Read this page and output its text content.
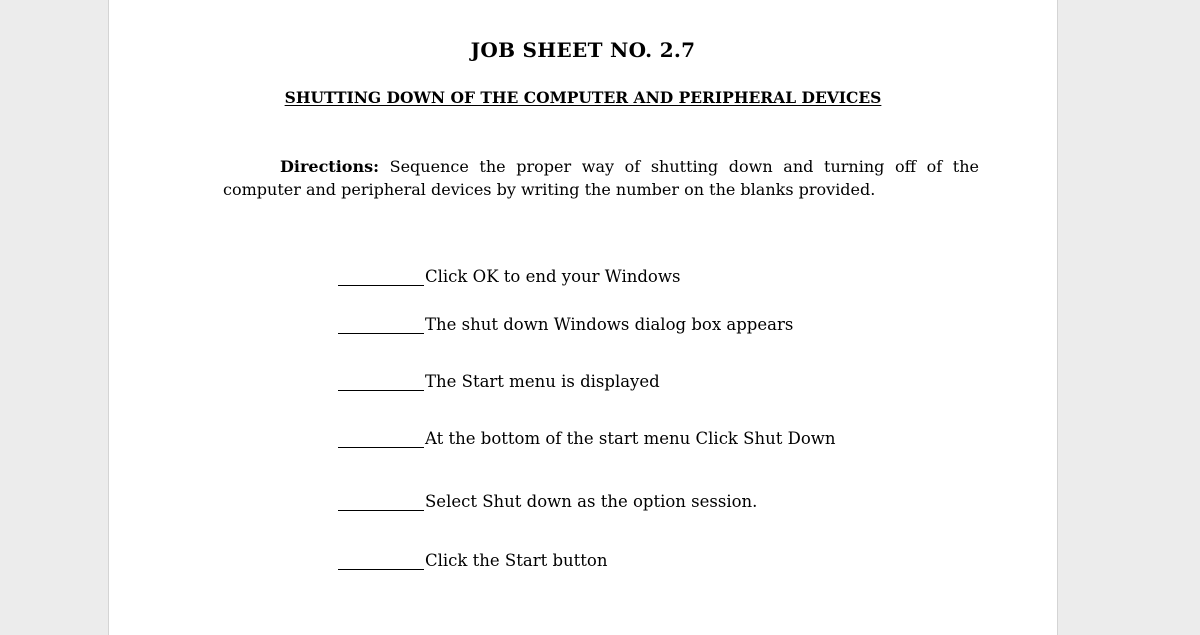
JOB SHEET NO. 2.7
SHUTTING DOWN OF THE COMPUTER AND PERIPHERAL DEVICES

Directions: Sequence the proper way of shutting down and turning off of the computer and peripheral devices by writing the number on the blanks provided.

Click OK to end your Windows
The shut down Windows dialog box appears
The Start menu is displayed
At the bottom of the start menu Click Shut Down
Select Shut down as the option session.
Click the Start button
